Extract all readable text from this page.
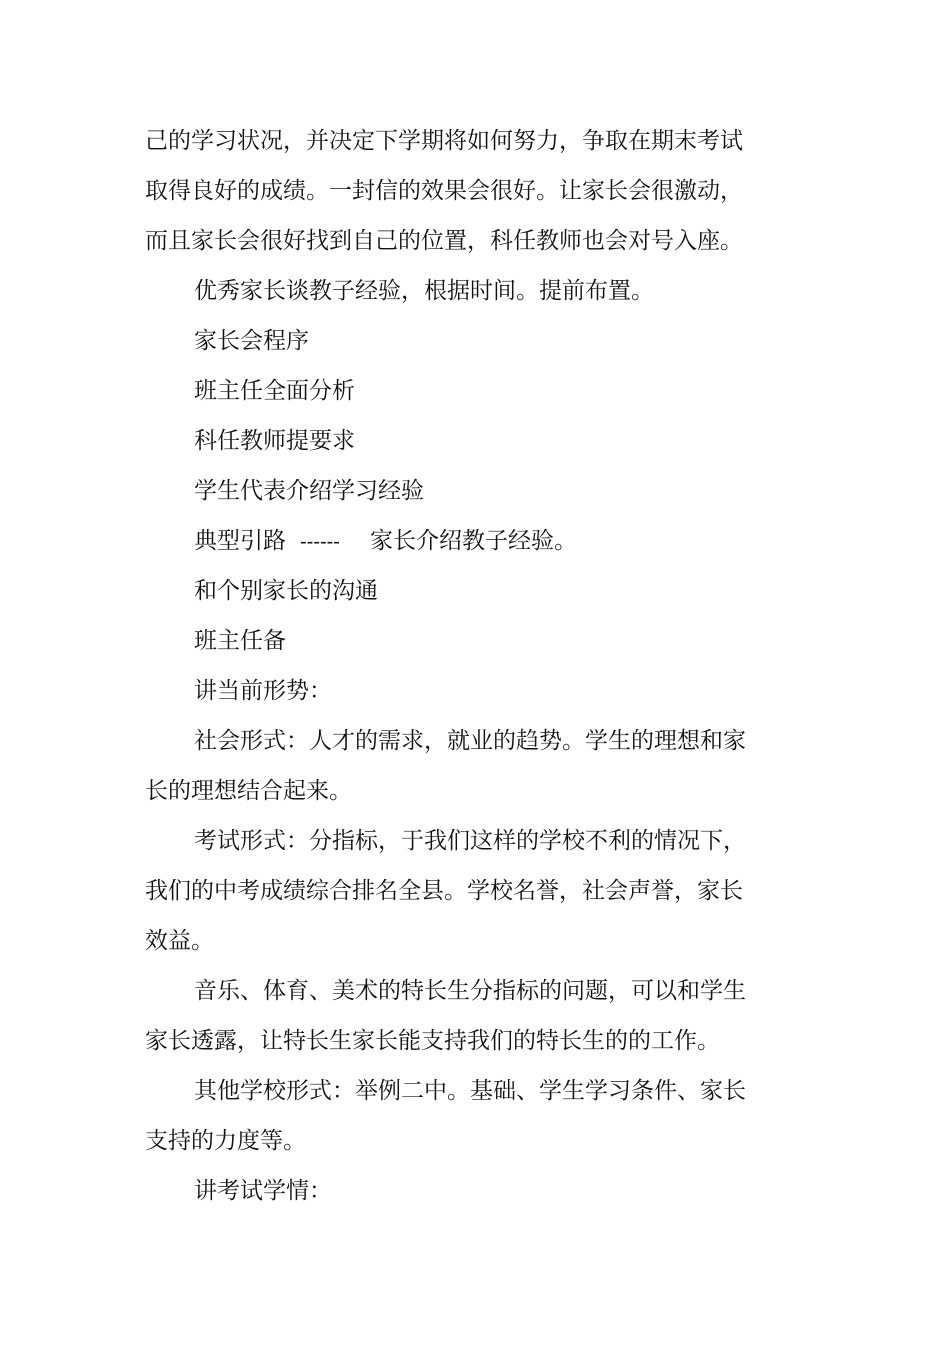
己的学习状况，并决定下学期将如何努力，争取在期末考试
取得良好的成绩。一封信的效果会很好。让家长会很激动，
而且家长会很好找到自己的位置，科任教师也会对号入座。

优秀家长谈教子经验，根据时间。提前布置。

家长会程序

班主任全面分析

科任教师提要求

学生代表介绍学习经验

典型引路 ------ 家长介绍教子经验。

和个别家长的沟通

班主任备

讲当前形势：

社会形式：人才的需求，就业的趋势。学生的理想和家
长的理想结合起来。

考试形式：分指标，于我们这样的学校不利的情况下，
我们的中考成绩综合排名全县。学校名誉，社会声誉，家长
效益。

音乐、体育、美术的特长生分指标的问题，可以和学生
家长透露，让特长生家长能支持我们的特长生的的工作。

其他学校形式：举例二中。基础、学生学习条件、家长
支持的力度等。

讲考试学情：
